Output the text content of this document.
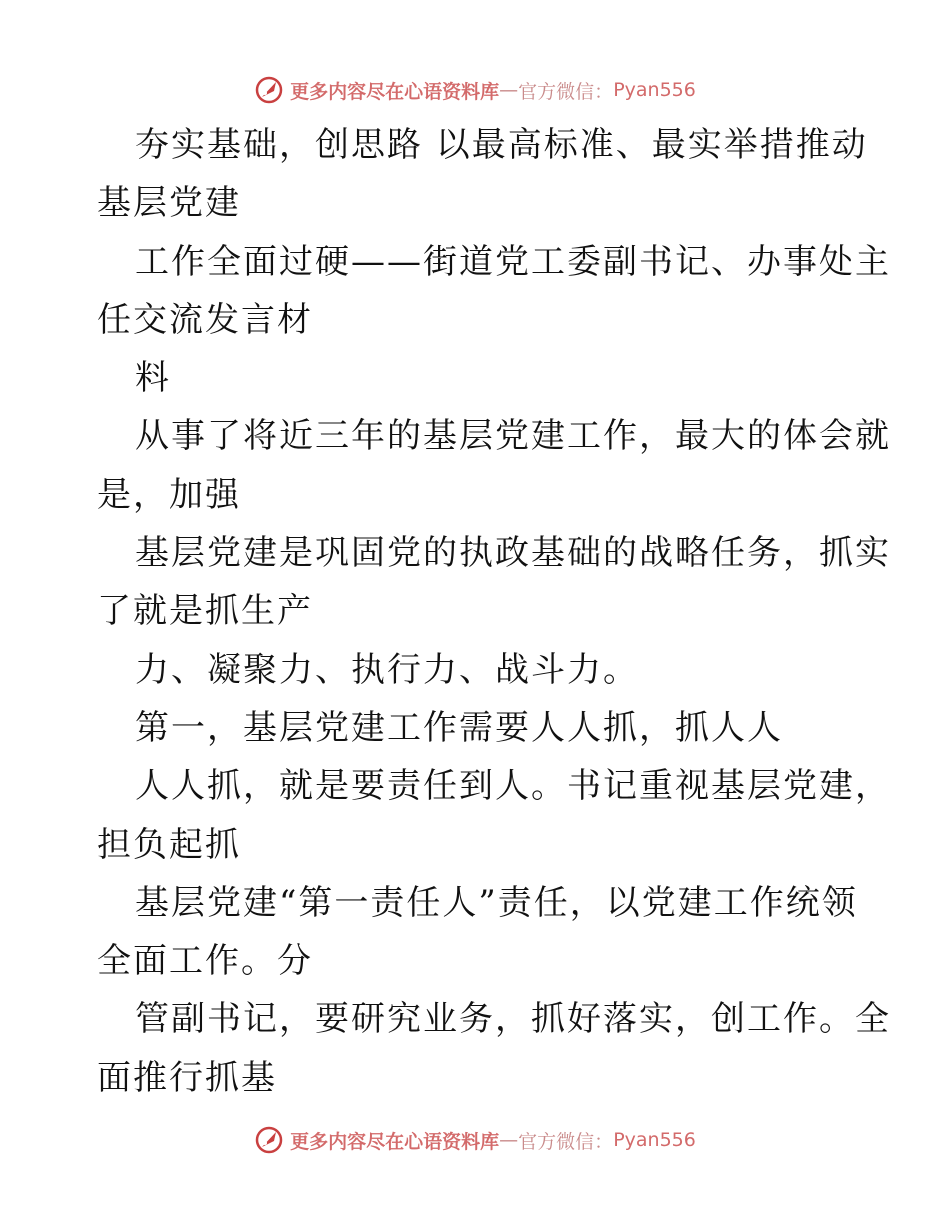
更多内容尽在心语资料库 — 官方微信： Pyan556
夯实基础，创思路 以最高标准、最实举措推动
基层党建
工作全面过硬——街道党工委副书记、办事处主
任交流发言材
料
从事了将近三年的基层党建工作，最大的体会就
是，加强
基层党建是巩固党的执政基础的战略任务，抓实
了就是抓生产
力、凝聚力、执行力、战斗力。
第一，基层党建工作需要人人抓，抓人人
人人抓，就是要责任到人。书记重视基层党建，
担负起抓
基层党建“第一责任人”责任，以党建工作统领
全面工作。分
管副书记，要研究业务，抓好落实，创工作。全
面推行抓基
更多内容尽在心语资料库 — 官方微信： Pyan556
